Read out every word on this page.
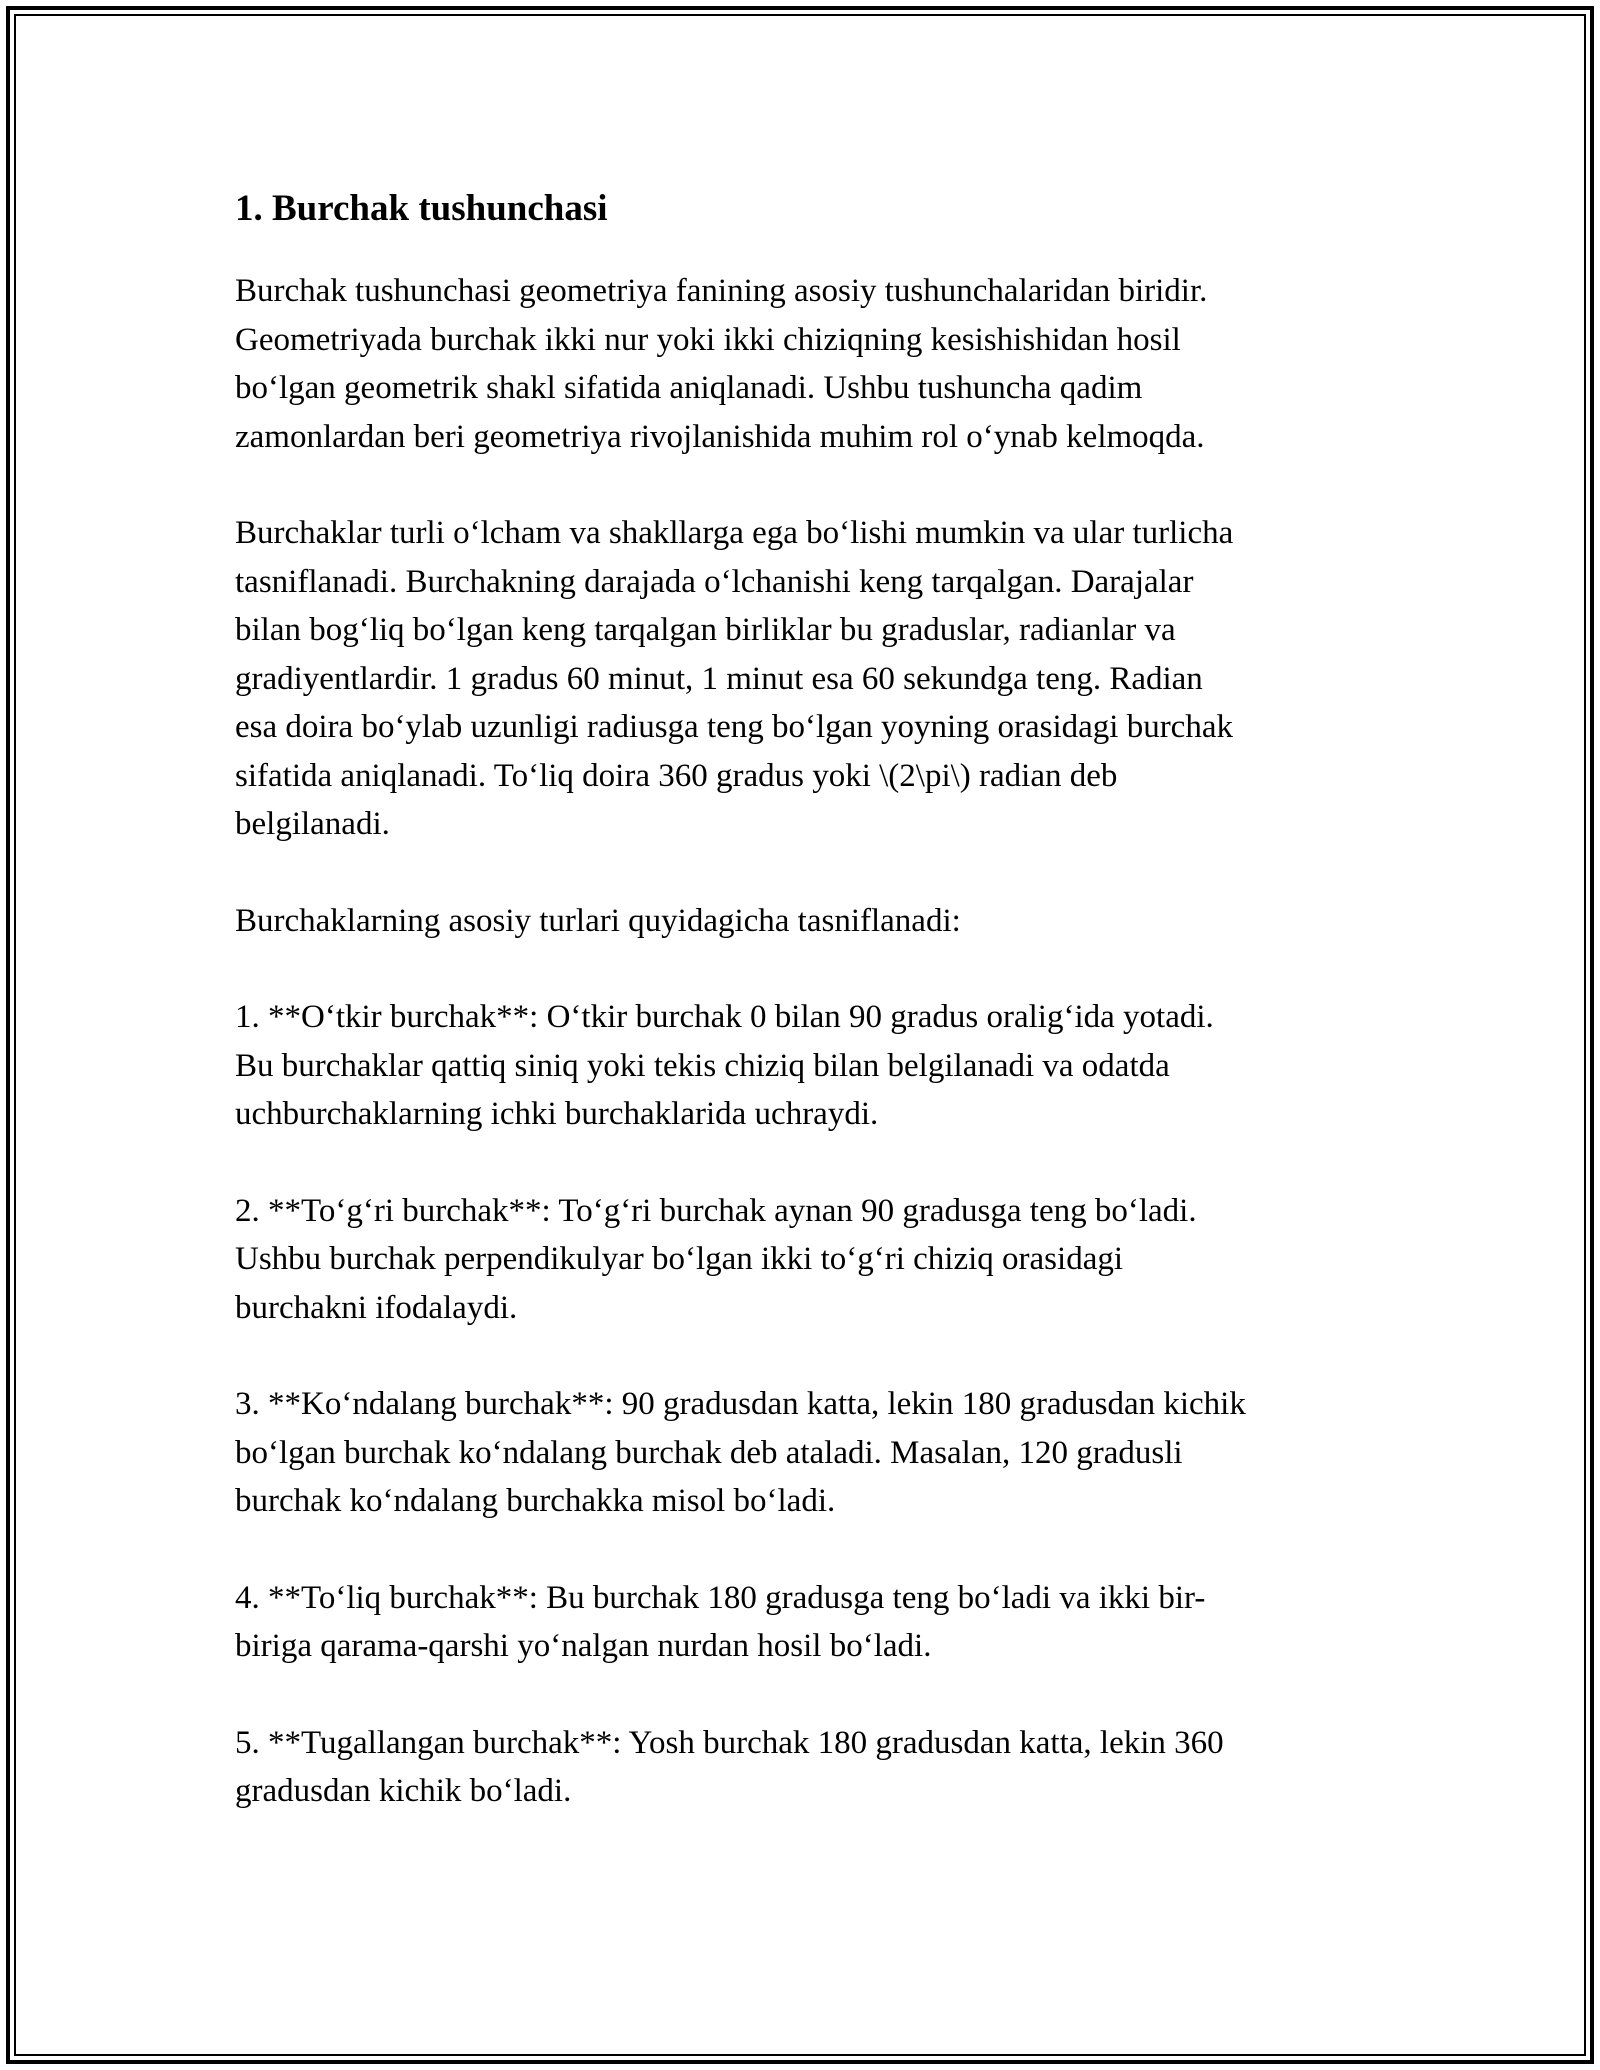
1. Burchak tushunchasi

Burchak tushunchasi geometriya fanining asosiy tushunchalaridan biridir.
Geometriyada burchak ikki nur yoki ikki chiziqning kesishishidan hosil
bo‘lgan geometrik shakl sifatida aniqlanadi. Ushbu tushuncha qadim
zamonlardan beri geometriya rivojlanishida muhim rol o‘ynab kelmoqda.

Burchaklar turli o‘lcham va shakllarga ega bo‘lishi mumkin va ular turlicha
tasniflanadi. Burchakning darajada o‘lchanishi keng tarqalgan. Darajalar
bilan bog‘liq bo‘lgan keng tarqalgan birliklar bu graduslar, radianlar va
gradiyentlardir. 1 gradus 60 minut, 1 minut esa 60 sekundga teng. Radian
esa doira bo‘ylab uzunligi radiusga teng bo‘lgan yoyning orasidagi burchak
sifatida aniqlanadi. To‘liq doira 360 gradus yoki \(2\pi\) radian deb
belgilanadi.

Burchaklarning asosiy turlari quyidagicha tasniflanadi:

1. **O‘tkir burchak**: O‘tkir burchak 0 bilan 90 gradus oralig‘ida yotadi.
Bu burchaklar qattiq siniq yoki tekis chiziq bilan belgilanadi va odatda
uchburchaklarning ichki burchaklarida uchraydi.

2. **To‘g‘ri burchak**: To‘g‘ri burchak aynan 90 gradusga teng bo‘ladi.
Ushbu burchak perpendikulyar bo‘lgan ikki to‘g‘ri chiziq orasidagi
burchakni ifodalaydi.

3. **Ko‘ndalang burchak**: 90 gradusdan katta, lekin 180 gradusdan kichik
bo‘lgan burchak ko‘ndalang burchak deb ataladi. Masalan, 120 gradusli
burchak ko‘ndalang burchakka misol bo‘ladi.

4. **To‘liq burchak**: Bu burchak 180 gradusga teng bo‘ladi va ikki bir-
biriga qarama-qarshi yo‘nalgan nurdan hosil bo‘ladi.

5. **Tugallangan burchak**: Yosh burchak 180 gradusdan katta, lekin 360
gradusdan kichik bo‘ladi.
